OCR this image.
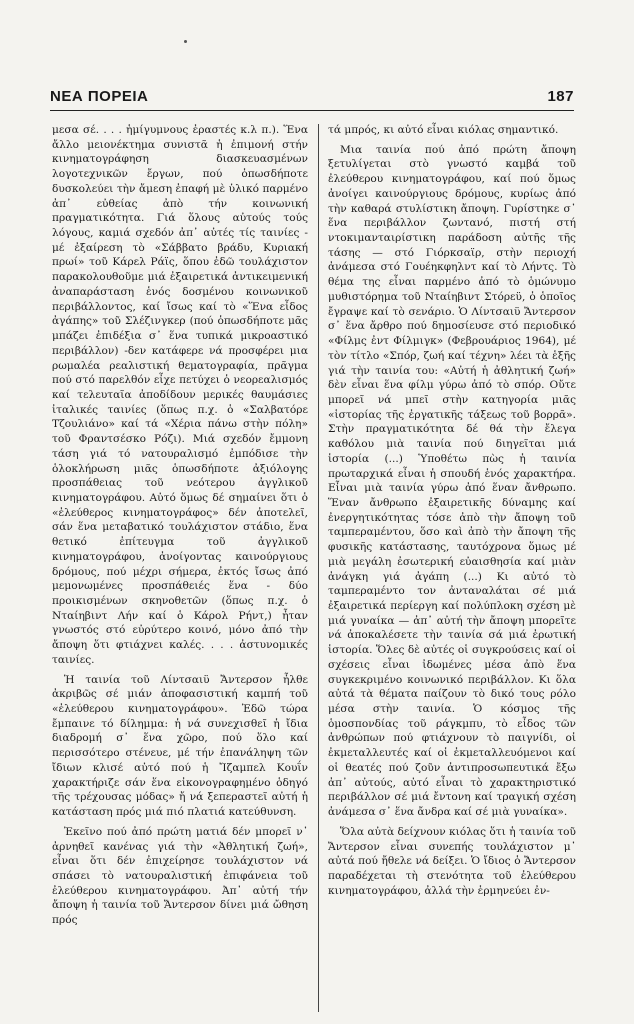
ΝΕΑ ΠΟΡΕΙΑ	187

μεσα σέ. . . . ἡμίγυμνους ἐραστές κ.λ π.). Ἕνα ἄλλο μειονέκτημα συνιστᾶ ἡ ἐπιμονή στήν κινηματογράφηση διασκευασμένων λογοτεχνικῶν ἔργων, πού ὁπωσδήποτε δυσκολεύει τὴν ἄμεση ἐπαφή μὲ ὑλικό παρμένο ἀπ᾽ εὐθείας ἀπὸ τήν κοινωνική πραγματικότητα. Γιά ὅλους αὐτούς τούς λόγους, καμιά σχεδόν ἀπ᾽ αὐτές τίς ταινίες - μέ ἐξαίρεση τὸ «Σάββατο βράδυ, Κυριακή πρωί» τοῦ Κάρελ Ράϊς, ὅπου ἐδῶ τουλάχιστον παρακολουθοῦμε μιά ἐξαιρετικά ἀντικειμενική ἀναπαράσταση ἑνός δοσμένου κοινωνικοῦ περιβάλλοντος, καί ἴσως καί τὸ «Ἕνα εἶδος ἀγάπης» τοῦ Σλέζινγκερ (πού ὁπωσδήποτε μᾶς μπάζει ἐπιδέξια σ᾽ ἕνα τυπικά μικροαστικό περιβάλλον) -δεν κατάφερε νά προσφέρει μια ρωμαλέα ρεαλιστική θεματογραφία, πρᾶγμα πού στό παρελθόν εἶχε πετύχει ὁ νεορεαλισμός καί τελευταῖα ἀποδίδουν μερικές θαυμάσιες ἰταλικές ταινίες (ὅπως π.χ. ὁ «Σαλβατόρε Τζουλιάνο» καί τά «Χέρια πάνω στὴν πόλη» τοῦ Φραντσέσκο Ρόζι). Μιά σχεδόν ἔμμονη τάση γιά τό νατουραλισμό ἐμπόδισε τὴν ὁλοκλήρωση μιᾶς ὁπωσδήποτε ἀξιόλογης προσπάθειας τοῦ νεότερου ἀγγλικοῦ κινηματογράφου. Αὐτό ὅμως δέ σημαίνει ὅτι ὁ «ἐλεύθερος κινηματογράφος» δέν ἀποτελεῖ, σάν ἕνα μεταβατικό τουλάχιστον στάδιο, ἕνα θετικό ἐπίτευγμα τοῦ ἀγγλικοῦ κινηματογράφου, ἀνοίγοντας καινούργιους δρόμους, πού μέχρι σήμερα, ἐκτός ἴσως ἀπό μεμονωμένες προσπάθειές ἕνα - δύο προικισμένων σκηνοθετῶν (ὅπως π.χ. ὁ Νταίηβιντ Λήν καί ὁ Κάρολ Ρήντ,) ἦταν γνωστός στό εὐρύτερο κοινό, μόνο ἀπό τὴν ἄποψη ὅτι φτιάχνει καλές. . . . ἀστυνομικές ταινίες.

Ἡ ταινία τοῦ Λίντσαιϋ Ἄντερσον ἦλθε ἀκριβῶς σέ μιάν ἀποφασιστική καμπή τοῦ «ἐλεύθερου κινηματογράφου». Ἐδῶ τώρα ἔμπαινε τό δίλημμα: ἡ νά συνεχισθεῖ ἡ ἴδια διαδρομή σ᾽ ἕνα χῶρο, πού ὅλο καί περισσότερο στένευε, μέ τήν ἐπανάληψη τῶν ἴδιων κλισέ αὐτό πού ἡ Ἴζαμπελ Κουΐν χαρακτήριζε σάν ἕνα εἰκονογραφημένο ὁδηγό τῆς τρέχουσας μόδας» ἤ νά ξεπεραστεῖ αὐτή ἡ κατάσταση πρός μιά πιό πλατιά κατεύθυνση.

Ἐκεῖνο πού ἀπό πρώτη ματιά δέν μπορεῖ ν᾽ ἀρνηθεῖ κανένας γιά τὴν «Ἀθλητική ζωή», εἶναι ὅτι δέν ἐπιχείρησε τουλάχιστον νά σπάσει τὸ νατουραλιστική ἐπιφάνεια τοῦ ἐλεύθερου κινηματογράφου. Ἀπ᾽ αὐτή τήν ἄποψη ἡ ταινία τοῦ Ἄντερσον δίνει μιά ὤθηση πρός

τά μπρός, κι αὐτό εἶναι κιόλας σημαντικό.

Μια ταινία πού ἀπό πρώτη ἄποψη ξετυλίγεται στὸ γνωστό καμβά τοῦ ἐλεύθερου κινηματογράφου, καί πού ὅμως ἀνοίγει καινούργιους δρόμους, κυρίως ἀπό τὴν καθαρά στυλίστικη ἄποψη. Γυρίστηκε σ᾽ ἕνα περιβάλλον ζωντανό, πιστή στή ντοκιμανταιρίστικη παράδοση αὐτῆς τῆς τάσης — στό Γιόρκσαϊρ, στὴν περιοχή ἀνάμεσα στό Γουέηκφηλντ καί τὸ Λήντς. Τὸ θέμα της εἶναι παρμένο ἀπό τὸ ὁμώνυμο μυθιστόρημα τοῦ Νταίηβιντ Στόρεϋ, ὁ ὁποῖος ἔγραψε καί τὸ σενάριο. Ὁ Λίντσαιϋ Ἄντερσον σ᾽ ἕνα ἄρθρο πού δημοσίευσε στό περιοδικό «Φίλμς ἐντ Φίλμιγκ» (Φεβρουάριος 1964), μέ τὸν τίτλο «Σπόρ, ζωή καί τέχνη» λέει τὰ ἑξῆς γιά τὴν ταινία του: «Αὐτή ἡ ἀθλητική ζωή» δὲν εἶναι ἕνα φίλμ γύρω ἀπό τὸ σπόρ. Οὔτε μπορεῖ νά μπεῖ στὴν κατηγορία μιᾶς «ἱστορίας τῆς ἐργατικῆς τάξεως τοῦ βορρᾶ». Στὴν πραγματικότητα δέ θά τὴν ἔλεγα καθόλου μιὰ ταινία πού διηγεῖται μιά ἱστορία (...) Ὑποθέτω πὼς ἡ ταινία πρωταρχικά εἶναι ἡ σπουδή ἑνός χαρακτήρα. Εἶναι μιὰ ταινία γύρω ἀπό ἕναν ἄνθρωπο. Ἕναν ἄνθρωπο ἐξαιρετικῆς δύναμης καί ἐνεργητικότητας τόσε ἀπὸ τὴν ἄποψη τοῦ ταμπεραμέντου, ὅσο καὶ ἀπὸ τὴν ἄποψη τῆς φυσικῆς κατάστασης, ταυτόχρονα ὅμως μέ μιὰ μεγάλη ἐσωτερική εὐαισθησία καί μιὰν ἀνάγκη γιά ἀγάπη (...) Κι αὐτό τὸ ταμπεραμέντο τον ἀνταναλάται σέ μιά ἐξαιρετικά περίεργη καί πολύπλοκη σχέση μὲ μιά γυναίκα — ἀπ᾽ αὐτή τὴν ἄποψη μπορεῖτε νά ἀποκαλέσετε τὴν ταινία σά μιά ἐρωτική ἱστορία. Ὅλες δὲ αὐτές οἱ συγκρούσεις καί οἱ σχέσεις εἶναι ἰδωμένες μέσα ἀπὸ ἕνα συγκεκριμένο κοινωνικό περιβάλλον. Κι ὅλα αὐτά τὰ θέματα παίζουν τὸ δικό τους ρόλο μέσα στὴν ταινία. Ὁ κόσμος τῆς ὁμοσπονδίας τοῦ ράγκμπυ, τὸ εἶδος τῶν ἀνθρώπων πού φτιάχνουν τὸ παιγνίδι, οἱ ἐκμεταλλευτές καί οἱ ἐκμεταλλευόμενοι καί οἱ θεατές πού ζοῦν ἀντιπροσωπευτικά ἔξω ἀπ᾽ αὐτούς, αὐτό εἶναι τὸ χαρακτηριστικό περιβάλλον σέ μιά ἔντονη καί τραγική σχέση ἀνάμεσα σ᾽ ἕνα ἄνδρα καί σέ μιὰ γυναίκα».

Ὅλα αὐτὰ δείχνουν κιόλας ὅτι ἡ ταινία τοῦ Ἄντερσον εἶναι συνεπής τουλάχιστον μ᾽ αὐτά πού ἤθελε νά δείξει. Ὁ ἴδιος ὁ Ἄντερσον παραδέχεται τὴ στενότητα τοῦ ἐλεύθερου κινηματογράφου, ἀλλά τὴν ἑρμηνεύει ἐν-
